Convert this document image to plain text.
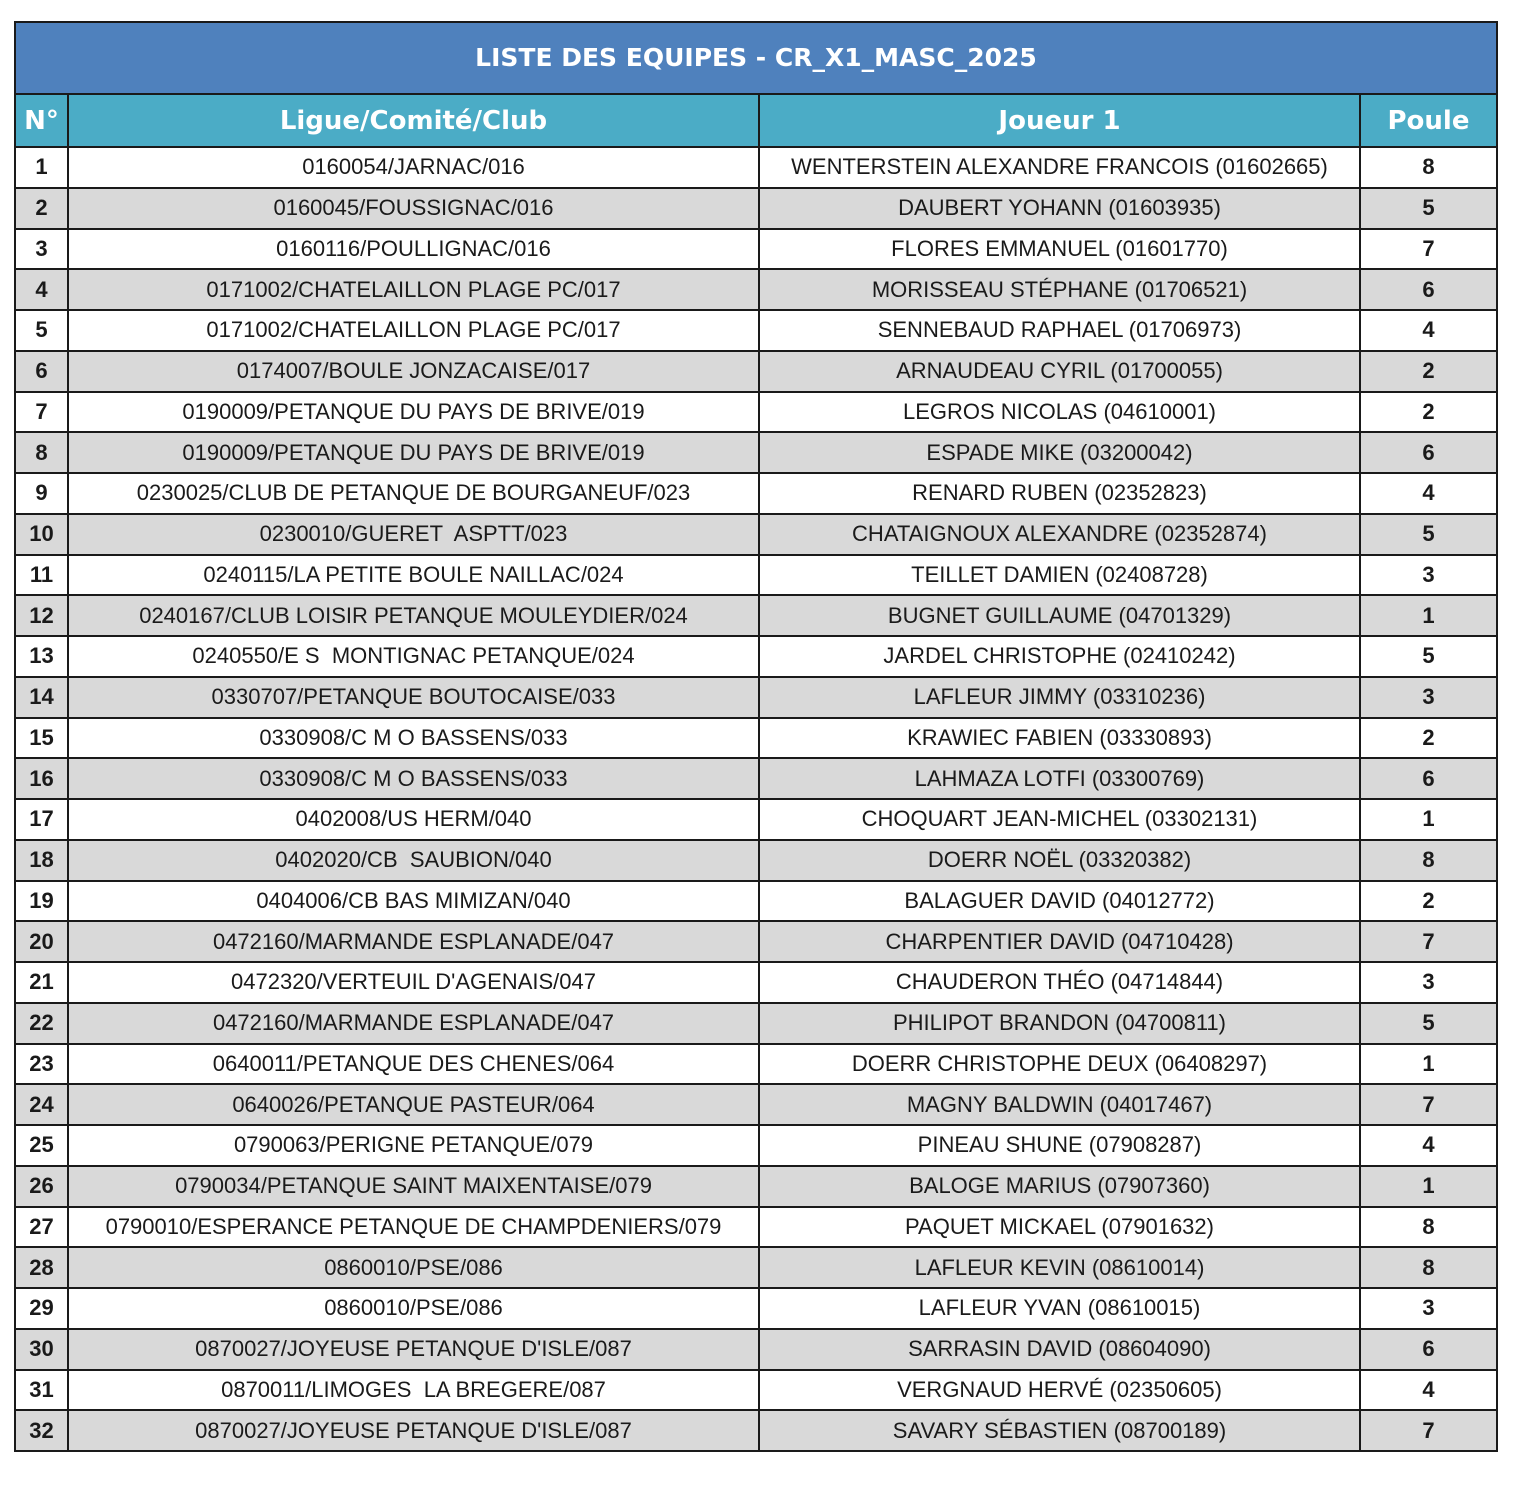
LISTE DES EQUIPES - CR_X1_MASC_2025
N°	Ligue/Comité/Club	Joueur 1	Poule
1	0160054/JARNAC/016	WENTERSTEIN ALEXANDRE FRANCOIS (01602665)	8
2	0160045/FOUSSIGNAC/016	DAUBERT YOHANN (01603935)	5
3	0160116/POULLIGNAC/016	FLORES EMMANUEL (01601770)	7
4	0171002/CHATELAILLON PLAGE PC/017	MORISSEAU STÉPHANE (01706521)	6
5	0171002/CHATELAILLON PLAGE PC/017	SENNEBAUD RAPHAEL (01706973)	4
6	0174007/BOULE JONZACAISE/017	ARNAUDEAU CYRIL (01700055)	2
7	0190009/PETANQUE DU PAYS DE BRIVE/019	LEGROS NICOLAS (04610001)	2
8	0190009/PETANQUE DU PAYS DE BRIVE/019	ESPADE MIKE (03200042)	6
9	0230025/CLUB DE PETANQUE DE BOURGANEUF/023	RENARD RUBEN (02352823)	4
10	0230010/GUERET  ASPTT/023	CHATAIGNOUX ALEXANDRE (02352874)	5
11	0240115/LA PETITE BOULE NAILLAC/024	TEILLET DAMIEN (02408728)	3
12	0240167/CLUB LOISIR PETANQUE MOULEYDIER/024	BUGNET GUILLAUME (04701329)	1
13	0240550/E S  MONTIGNAC PETANQUE/024	JARDEL CHRISTOPHE (02410242)	5
14	0330707/PETANQUE BOUTOCAISE/033	LAFLEUR JIMMY (03310236)	3
15	0330908/C M O BASSENS/033	KRAWIEC FABIEN (03330893)	2
16	0330908/C M O BASSENS/033	LAHMAZA LOTFI (03300769)	6
17	0402008/US HERM/040	CHOQUART JEAN-MICHEL (03302131)	1
18	0402020/CB  SAUBION/040	DOERR NOËL (03320382)	8
19	0404006/CB BAS MIMIZAN/040	BALAGUER DAVID (04012772)	2
20	0472160/MARMANDE ESPLANADE/047	CHARPENTIER DAVID (04710428)	7
21	0472320/VERTEUIL D'AGENAIS/047	CHAUDERON THÉO (04714844)	3
22	0472160/MARMANDE ESPLANADE/047	PHILIPOT BRANDON (04700811)	5
23	0640011/PETANQUE DES CHENES/064	DOERR CHRISTOPHE DEUX (06408297)	1
24	0640026/PETANQUE PASTEUR/064	MAGNY BALDWIN (04017467)	7
25	0790063/PERIGNE PETANQUE/079	PINEAU SHUNE (07908287)	4
26	0790034/PETANQUE SAINT MAIXENTAISE/079	BALOGE MARIUS (07907360)	1
27	0790010/ESPERANCE PETANQUE DE CHAMPDENIERS/079	PAQUET MICKAEL (07901632)	8
28	0860010/PSE/086	LAFLEUR KEVIN (08610014)	8
29	0860010/PSE/086	LAFLEUR YVAN (08610015)	3
30	0870027/JOYEUSE PETANQUE D'ISLE/087	SARRASIN DAVID (08604090)	6
31	0870011/LIMOGES  LA BREGERE/087	VERGNAUD HERVÉ (02350605)	4
32	0870027/JOYEUSE PETANQUE D'ISLE/087	SAVARY SÉBASTIEN (08700189)	7
